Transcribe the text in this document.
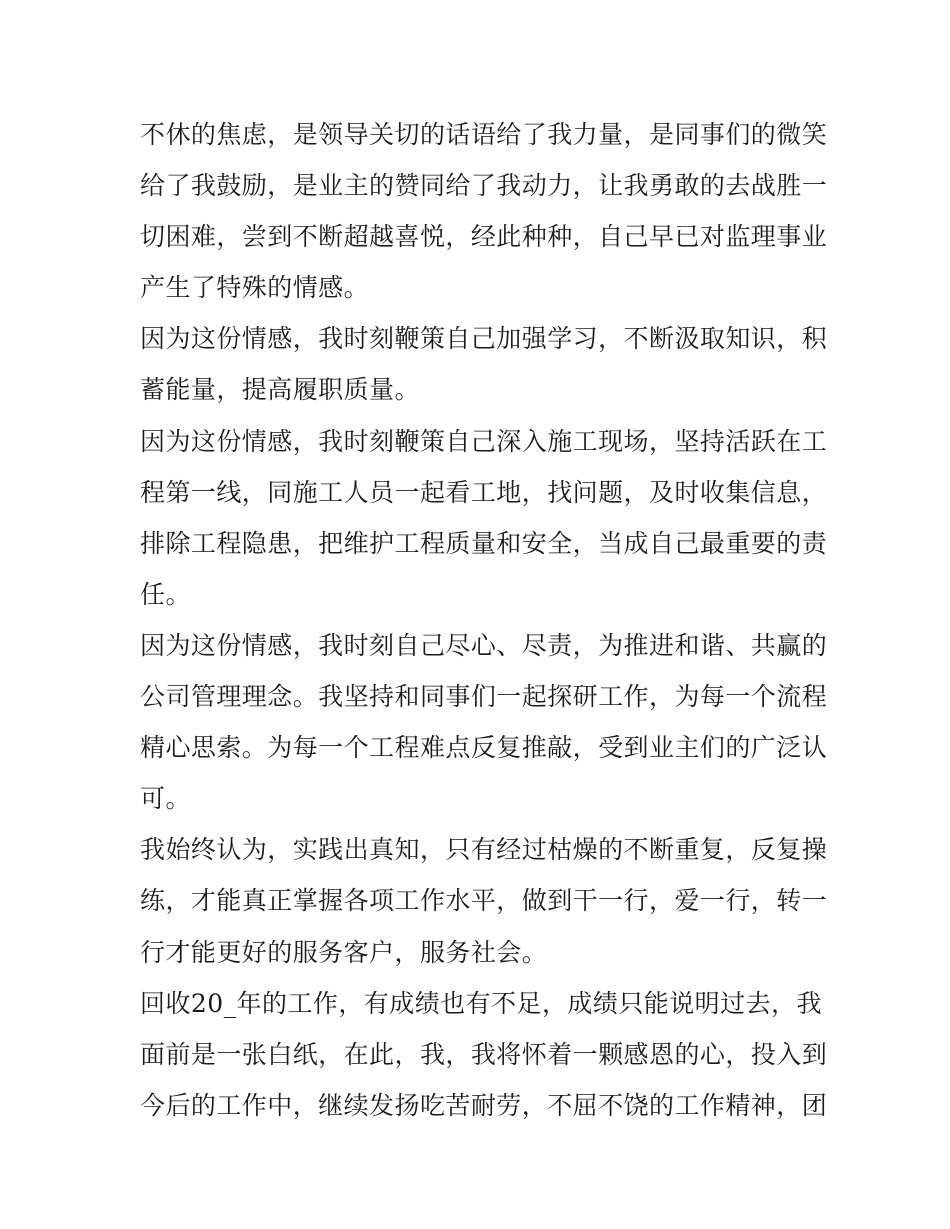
不休的焦虑，是领导关切的话语给了我力量，是同事们的微笑
给了我鼓励，是业主的赞同给了我动力，让我勇敢的去战胜一
切困难，尝到不断超越喜悦，经此种种，自己早已对监理事业
产生了特殊的情感。
因为这份情感，我时刻鞭策自己加强学习，不断汲取知识，积
蓄能量，提高履职质量。
因为这份情感，我时刻鞭策自己深入施工现场，坚持活跃在工
程第一线，同施工人员一起看工地，找问题，及时收集信息，
排除工程隐患，把维护工程质量和安全，当成自己最重要的责
任。
因为这份情感，我时刻自己尽心、尽责，为推进和谐、共赢的
公司管理理念。我坚持和同事们一起探研工作，为每一个流程
精心思索。为每一个工程难点反复推敲，受到业主们的广泛认
可。
我始终认为，实践出真知，只有经过枯燥的不断重复，反复操
练，才能真正掌握各项工作水平，做到干一行，爱一行，转一
行才能更好的服务客户，服务社会。
回收20_年的工作，有成绩也有不足，成绩只能说明过去，我
面前是一张白纸，在此，我，我将怀着一颗感恩的心，投入到
今后的工作中，继续发扬吃苦耐劳，不屈不饶的工作精神，团
